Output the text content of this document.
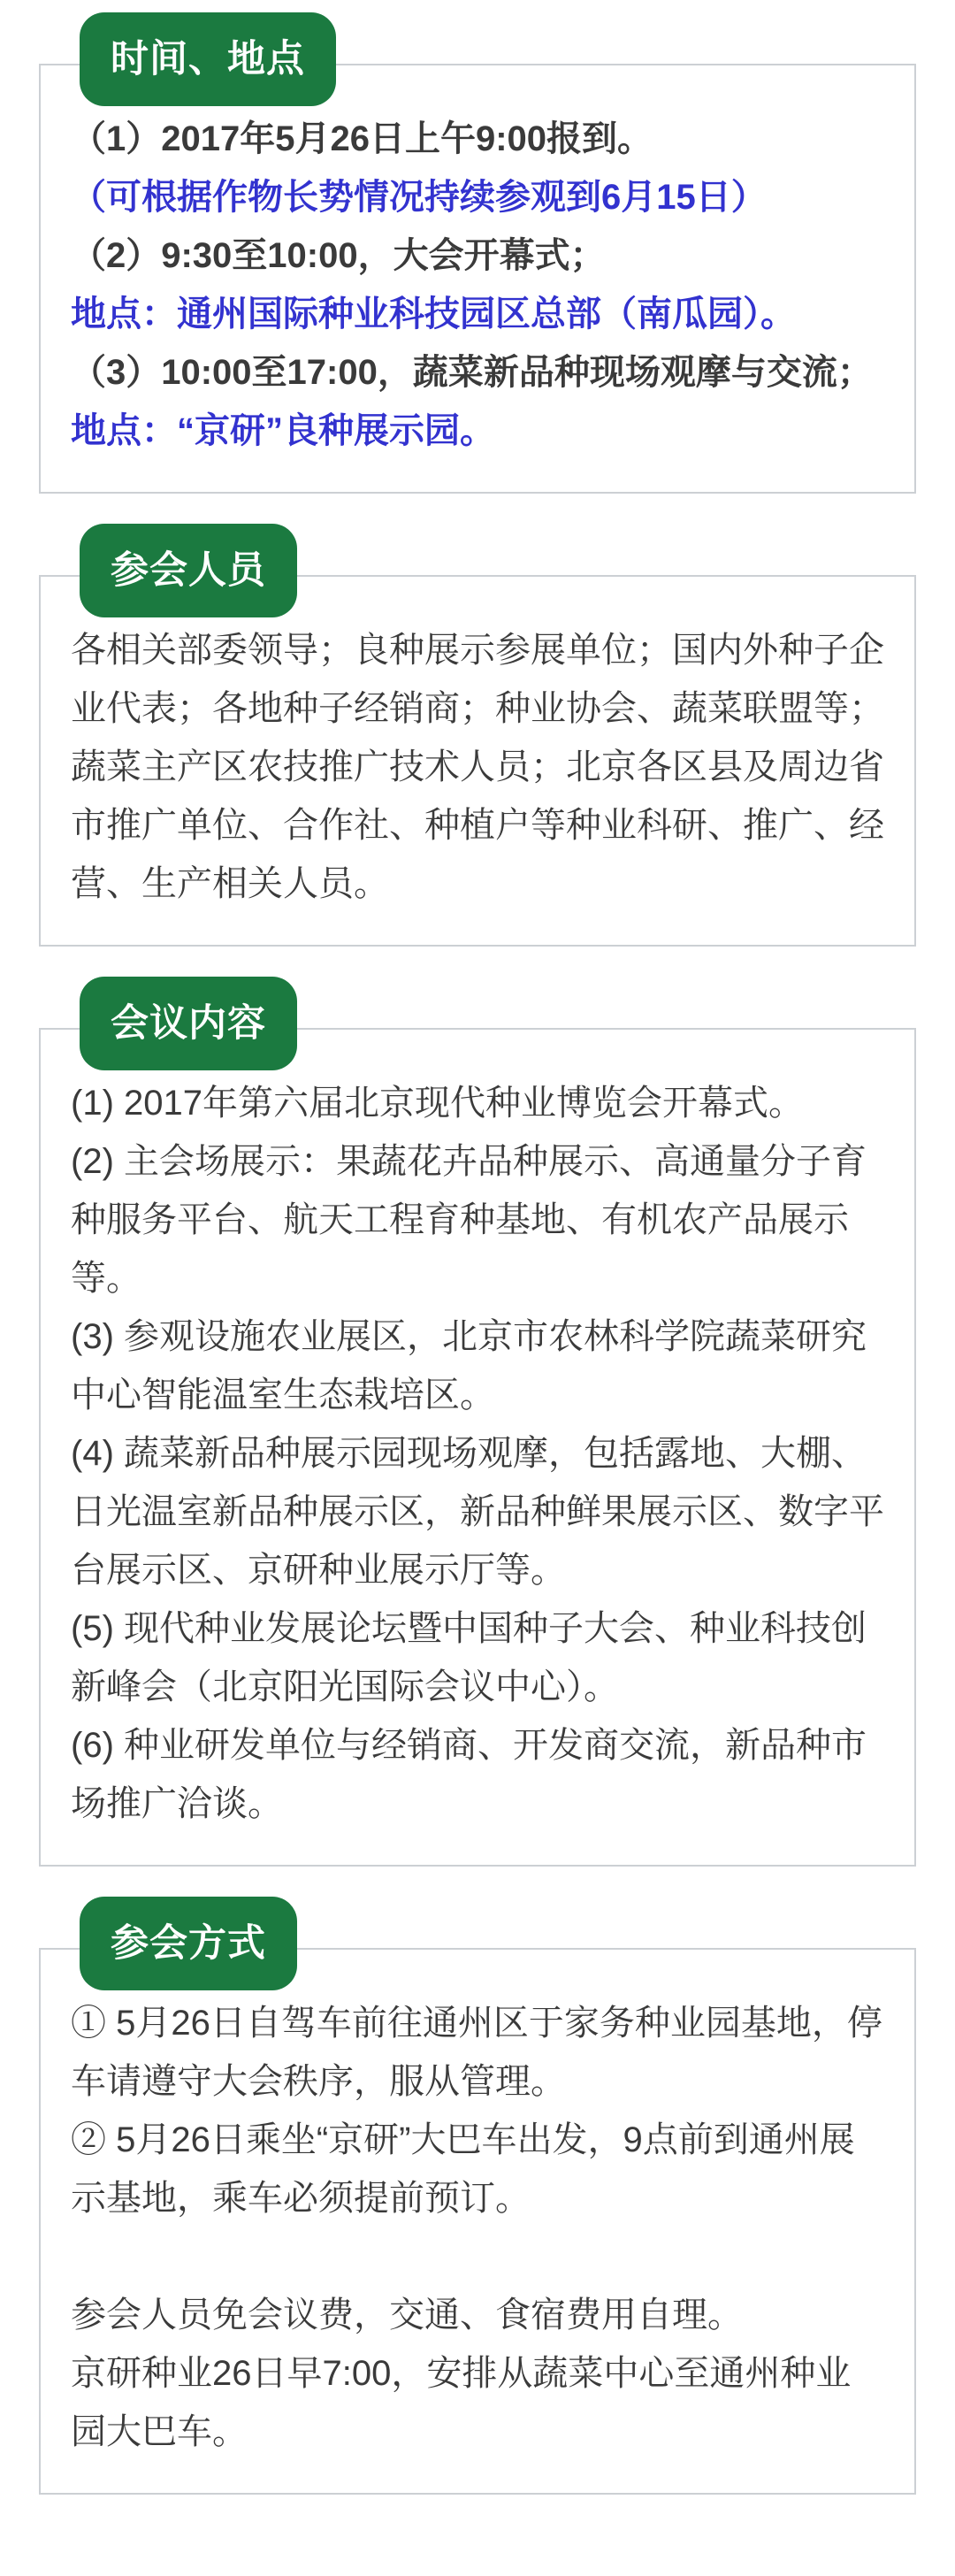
时间、地点

（1）2017年5月26日上午9:00报到。

（可根据作物长势情况持续参观到6月15日）

（2）9:30至10:00，大会开幕式；

地点：通州国际种业科技园区总部（南瓜园）。

（3）10:00至17:00，蔬菜新品种现场观摩与交流；

地点：“京研”良种展示园。

参会人员

各相关部委领导；良种展示参展单位；国内外种子企业代表；各地种子经销商；种业协会、蔬菜联盟等；蔬菜主产区农技推广技术人员；北京各区县及周边省市推广单位、合作社、种植户等种业科研、推广、经营、生产相关人员。

会议内容

(1) 2017年第六届北京现代种业博览会开幕式。

(2) 主会场展示：果蔬花卉品种展示、高通量分子育种服务平台、航天工程育种基地、有机农产品展示等。

(3) 参观设施农业展区，北京市农林科学院蔬菜研究中心智能温室生态栽培区。

(4) 蔬菜新品种展示园现场观摩，包括露地、大棚、日光温室新品种展示区，新品种鲜果展示区、数字平台展示区、京研种业展示厅等。

(5) 现代种业发展论坛暨中国种子大会、种业科技创新峰会（北京阳光国际会议中心）。

(6) 种业研发单位与经销商、开发商交流，新品种市场推广洽谈。

参会方式

① 5月26日自驾车前往通州区于家务种业园基地，停车请遵守大会秩序，服从管理。

② 5月26日乘坐“京研”大巴车出发，9点前到通州展示基地，乘车必须提前预订。

参会人员免会议费，交通、食宿费用自理。

京研种业26日早7:00，安排从蔬菜中心至通州种业园大巴车。
